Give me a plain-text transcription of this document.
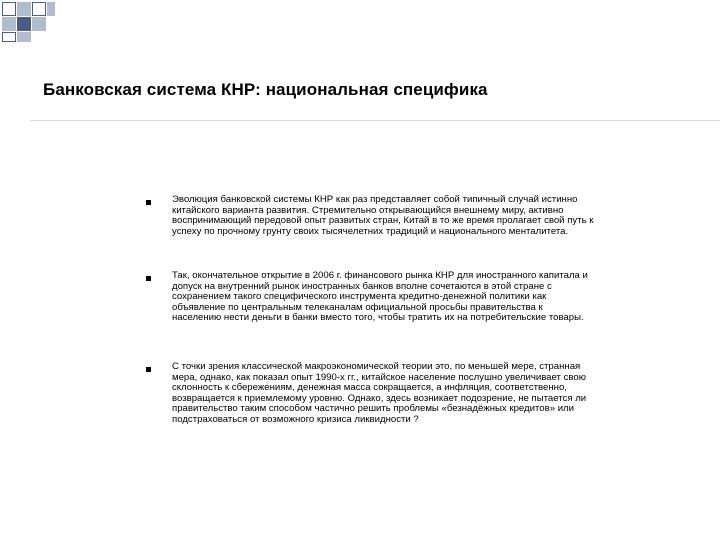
Банковская система КНР: национальная специфика

Эволюция банковской системы КНР как раз представляет собой типичный случай истинно
китайского варианта развития. Стремительно открывающийся внешнему миру, активно
воспринимающий передовой опыт развитых стран, Китай в то же время пролагает свой путь к
успеху по прочному грунту своих тысячелетних традиций и национального менталитета.

Так, окончательное открытие в 2006 г. финансового рынка КНР для иностранного капитала и
допуск на внутренний рынок иностранных банков вполне сочетаются в этой стране с
сохранением такого специфического инструмента кредитно-денежной политики как
объявление по центральным телеканалам официальной просьбы правительства к
населению нести деньги в банки вместо того, чтобы тратить их на потребительские товары.

С точки зрения классической макроэкономической теории это, по меньшей мере, странная
мера, однако, как показал опыт 1990-х гг., китайское население послушно увеличивает свою
склонность к сбережениям, денежная масса сокращается, а инфляция, соответственно,
возвращается к приемлемому уровню. Однако, здесь возникает подозрение, не пытается ли
правительство таким способом частично решить проблемы «безнадёжных кредитов» или
подстраховаться от возможного кризиса ликвидности ?
